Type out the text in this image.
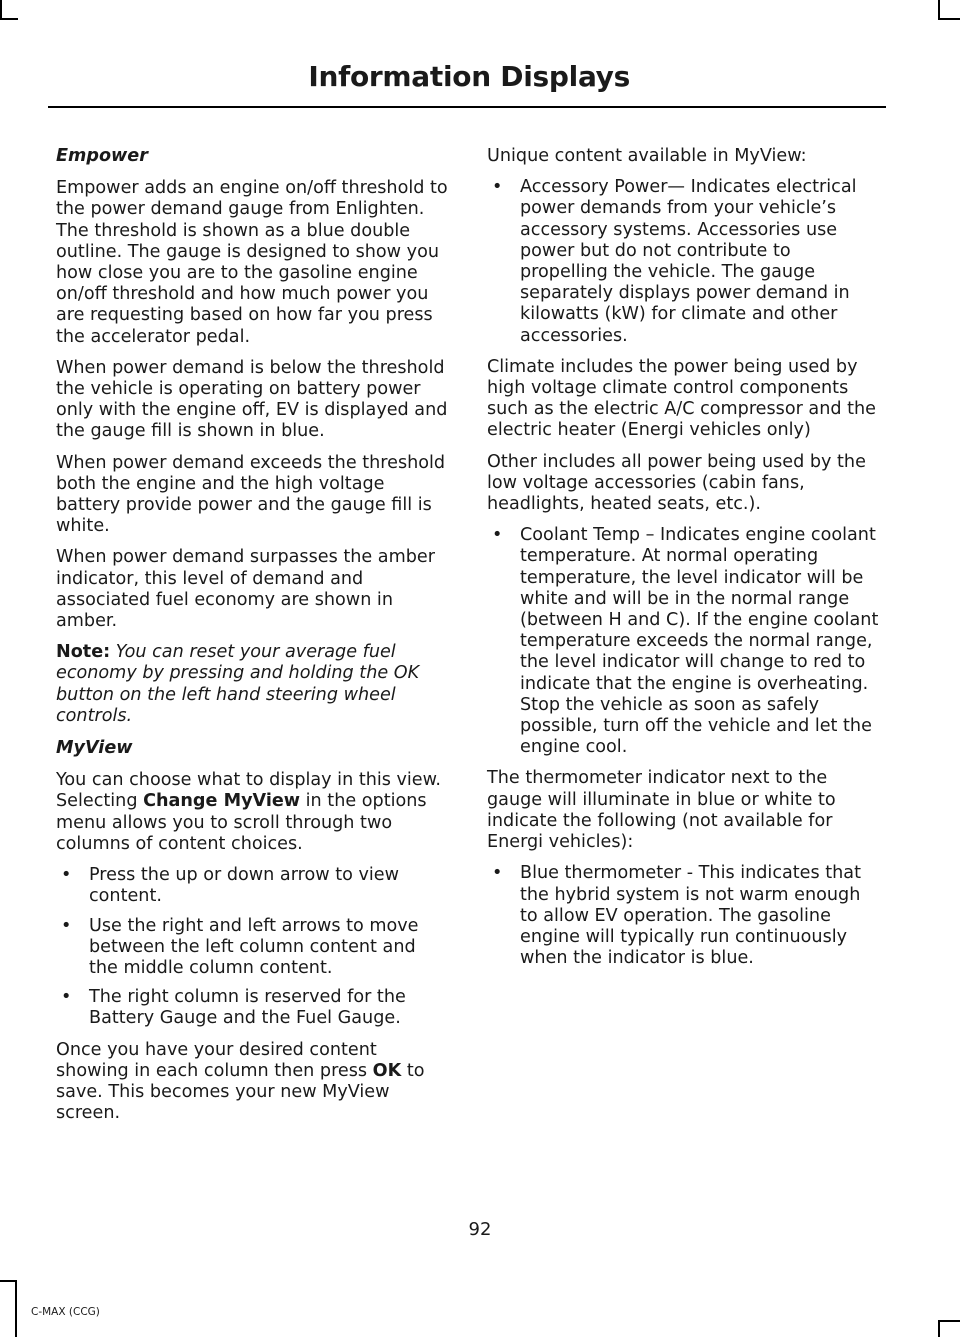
Information Displays

Empower

Empower adds an engine on/off threshold to the power demand gauge from Enlighten. The threshold is shown as a blue double outline. The gauge is designed to show you how close you are to the gasoline engine on/off threshold and how much power you are requesting based on how far you press the accelerator pedal.

When power demand is below the threshold the vehicle is operating on battery power only with the engine off, EV is displayed and the gauge fill is shown in blue.

When power demand exceeds the threshold both the engine and the high voltage battery provide power and the gauge fill is white.

When power demand surpasses the amber indicator, this level of demand and associated fuel economy are shown in amber.

Note: You can reset your average fuel economy by pressing and holding the OK button on the left hand steering wheel controls.

MyView

You can choose what to display in this view. Selecting Change MyView in the options menu allows you to scroll through two columns of content choices.

• Press the up or down arrow to view content.
• Use the right and left arrows to move between the left column content and the middle column content.
• The right column is reserved for the Battery Gauge and the Fuel Gauge.

Once you have your desired content showing in each column then press OK to save. This becomes your new MyView screen.

Unique content available in MyView:

• Accessory Power— Indicates electrical power demands from your vehicle’s accessory systems. Accessories use power but do not contribute to propelling the vehicle. The gauge separately displays power demand in kilowatts (kW) for climate and other accessories.

Climate includes the power being used by high voltage climate control components such as the electric A/C compressor and the electric heater (Energi vehicles only)

Other includes all power being used by the low voltage accessories (cabin fans, headlights, heated seats, etc.).

• Coolant Temp – Indicates engine coolant temperature. At normal operating temperature, the level indicator will be white and will be in the normal range (between H and C). If the engine coolant temperature exceeds the normal range, the level indicator will change to red to indicate that the engine is overheating. Stop the vehicle as soon as safely possible, turn off the vehicle and let the engine cool.

The thermometer indicator next to the gauge will illuminate in blue or white to indicate the following (not available for Energi vehicles):

• Blue thermometer - This indicates that the hybrid system is not warm enough to allow EV operation. The gasoline engine will typically run continuously when the indicator is blue.
92
C-MAX (CCG)
